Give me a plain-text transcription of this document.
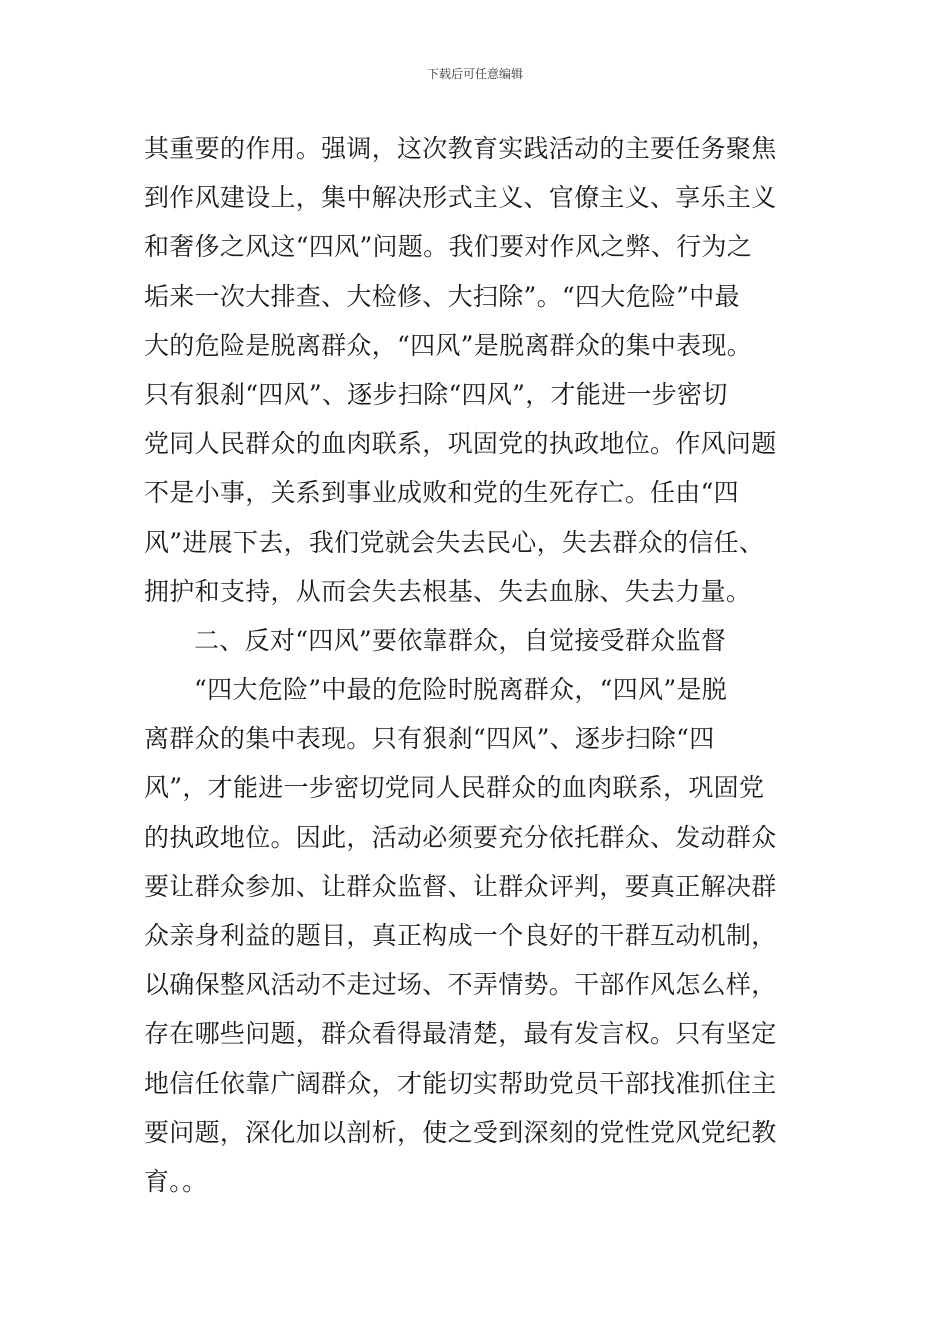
下载后可任意编辑
其重要的作用。强调，这次教育实践活动的主要任务聚焦
到作风建设上，集中解决形式主义、官僚主义、享乐主义
和奢侈之风这“四风”问题。我们要对作风之弊、行为之
垢来一次大排查、大检修、大扫除”。“四大危险”中最
大的危险是脱离群众，“四风”是脱离群众的集中表现。
只有狠刹“四风”、逐步扫除“四风”，才能进一步密切
党同人民群众的血肉联系，巩固党的执政地位。作风问题
不是小事，关系到事业成败和党的生死存亡。任由“四
风”进展下去，我们党就会失去民心，失去群众的信任、
拥护和支持，从而会失去根基、失去血脉、失去力量。
二、反对“四风”要依靠群众，自觉接受群众监督
“四大危险”中最的危险时脱离群众，“四风”是脱
离群众的集中表现。只有狠刹“四风”、逐步扫除“四
风”，才能进一步密切党同人民群众的血肉联系，巩固党
的执政地位。因此，活动必须要充分依托群众、发动群众
要让群众参加、让群众监督、让群众评判，要真正解决群
众亲身利益的题目，真正构成一个良好的干群互动机制，
以确保整风活动不走过场、不弄情势。干部作风怎么样，
存在哪些问题，群众看得最清楚，最有发言权。只有坚定
地信任依靠广阔群众，才能切实帮助党员干部找准抓住主
要问题，深化加以剖析，使之受到深刻的党性党风党纪教
育。。
